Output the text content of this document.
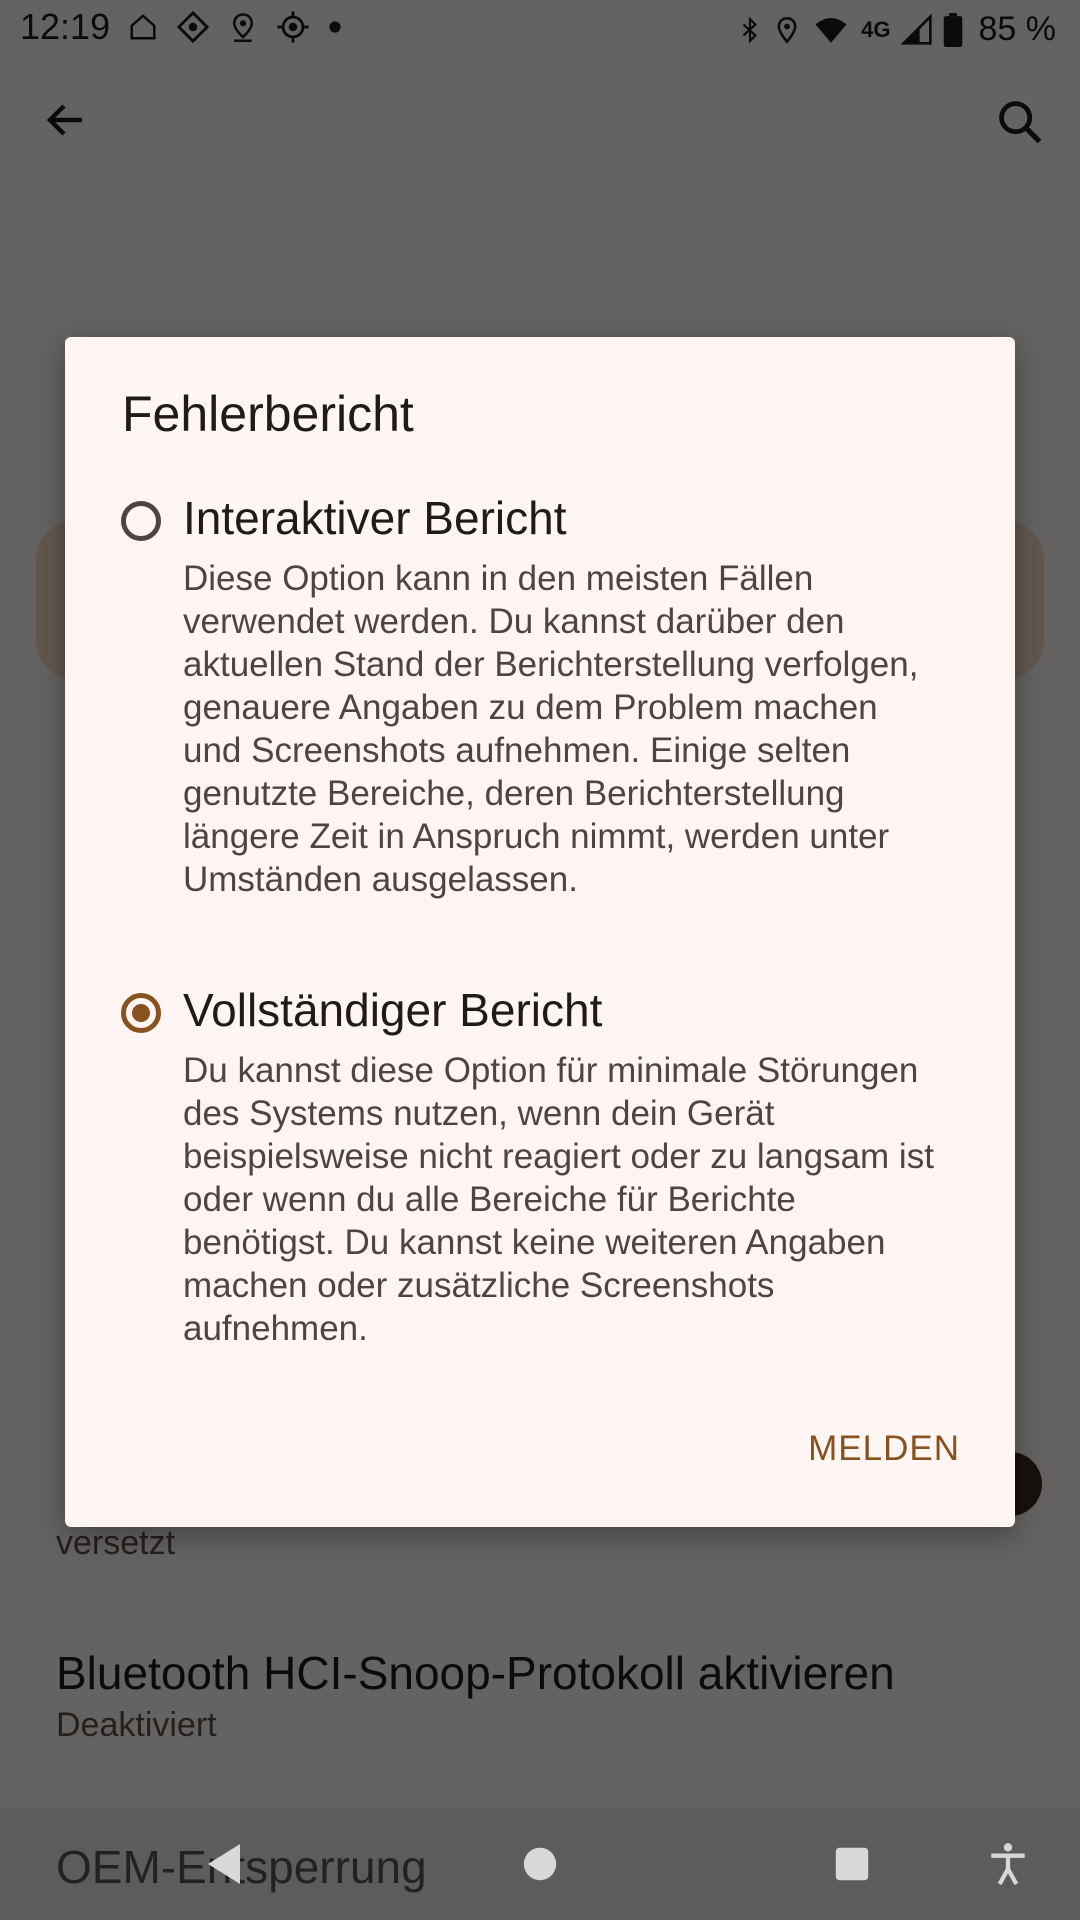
Fehlerbericht
Interaktiver Bericht
Diese Option kann in den meisten Fällen verwendet werden. Du kannst darüber den aktuellen Stand der Berichterstellung verfolgen, genauere Angaben zu dem Problem machen und Screenshots aufnehmen. Einige selten genutzte Bereiche, deren Berichterstellung längere Zeit in Anspruch nimmt, werden unter Umständen ausgelassen.
Vollständiger Bericht
Du kannst diese Option für minimale Störungen des Systems nutzen, wenn dein Gerät beispielsweise nicht reagiert oder zu langsam ist oder wenn du alle Bereiche für Berichte benötigst. Du kannst keine weiteren Angaben machen oder zusätzliche Screenshots aufnehmen.
MELDEN
